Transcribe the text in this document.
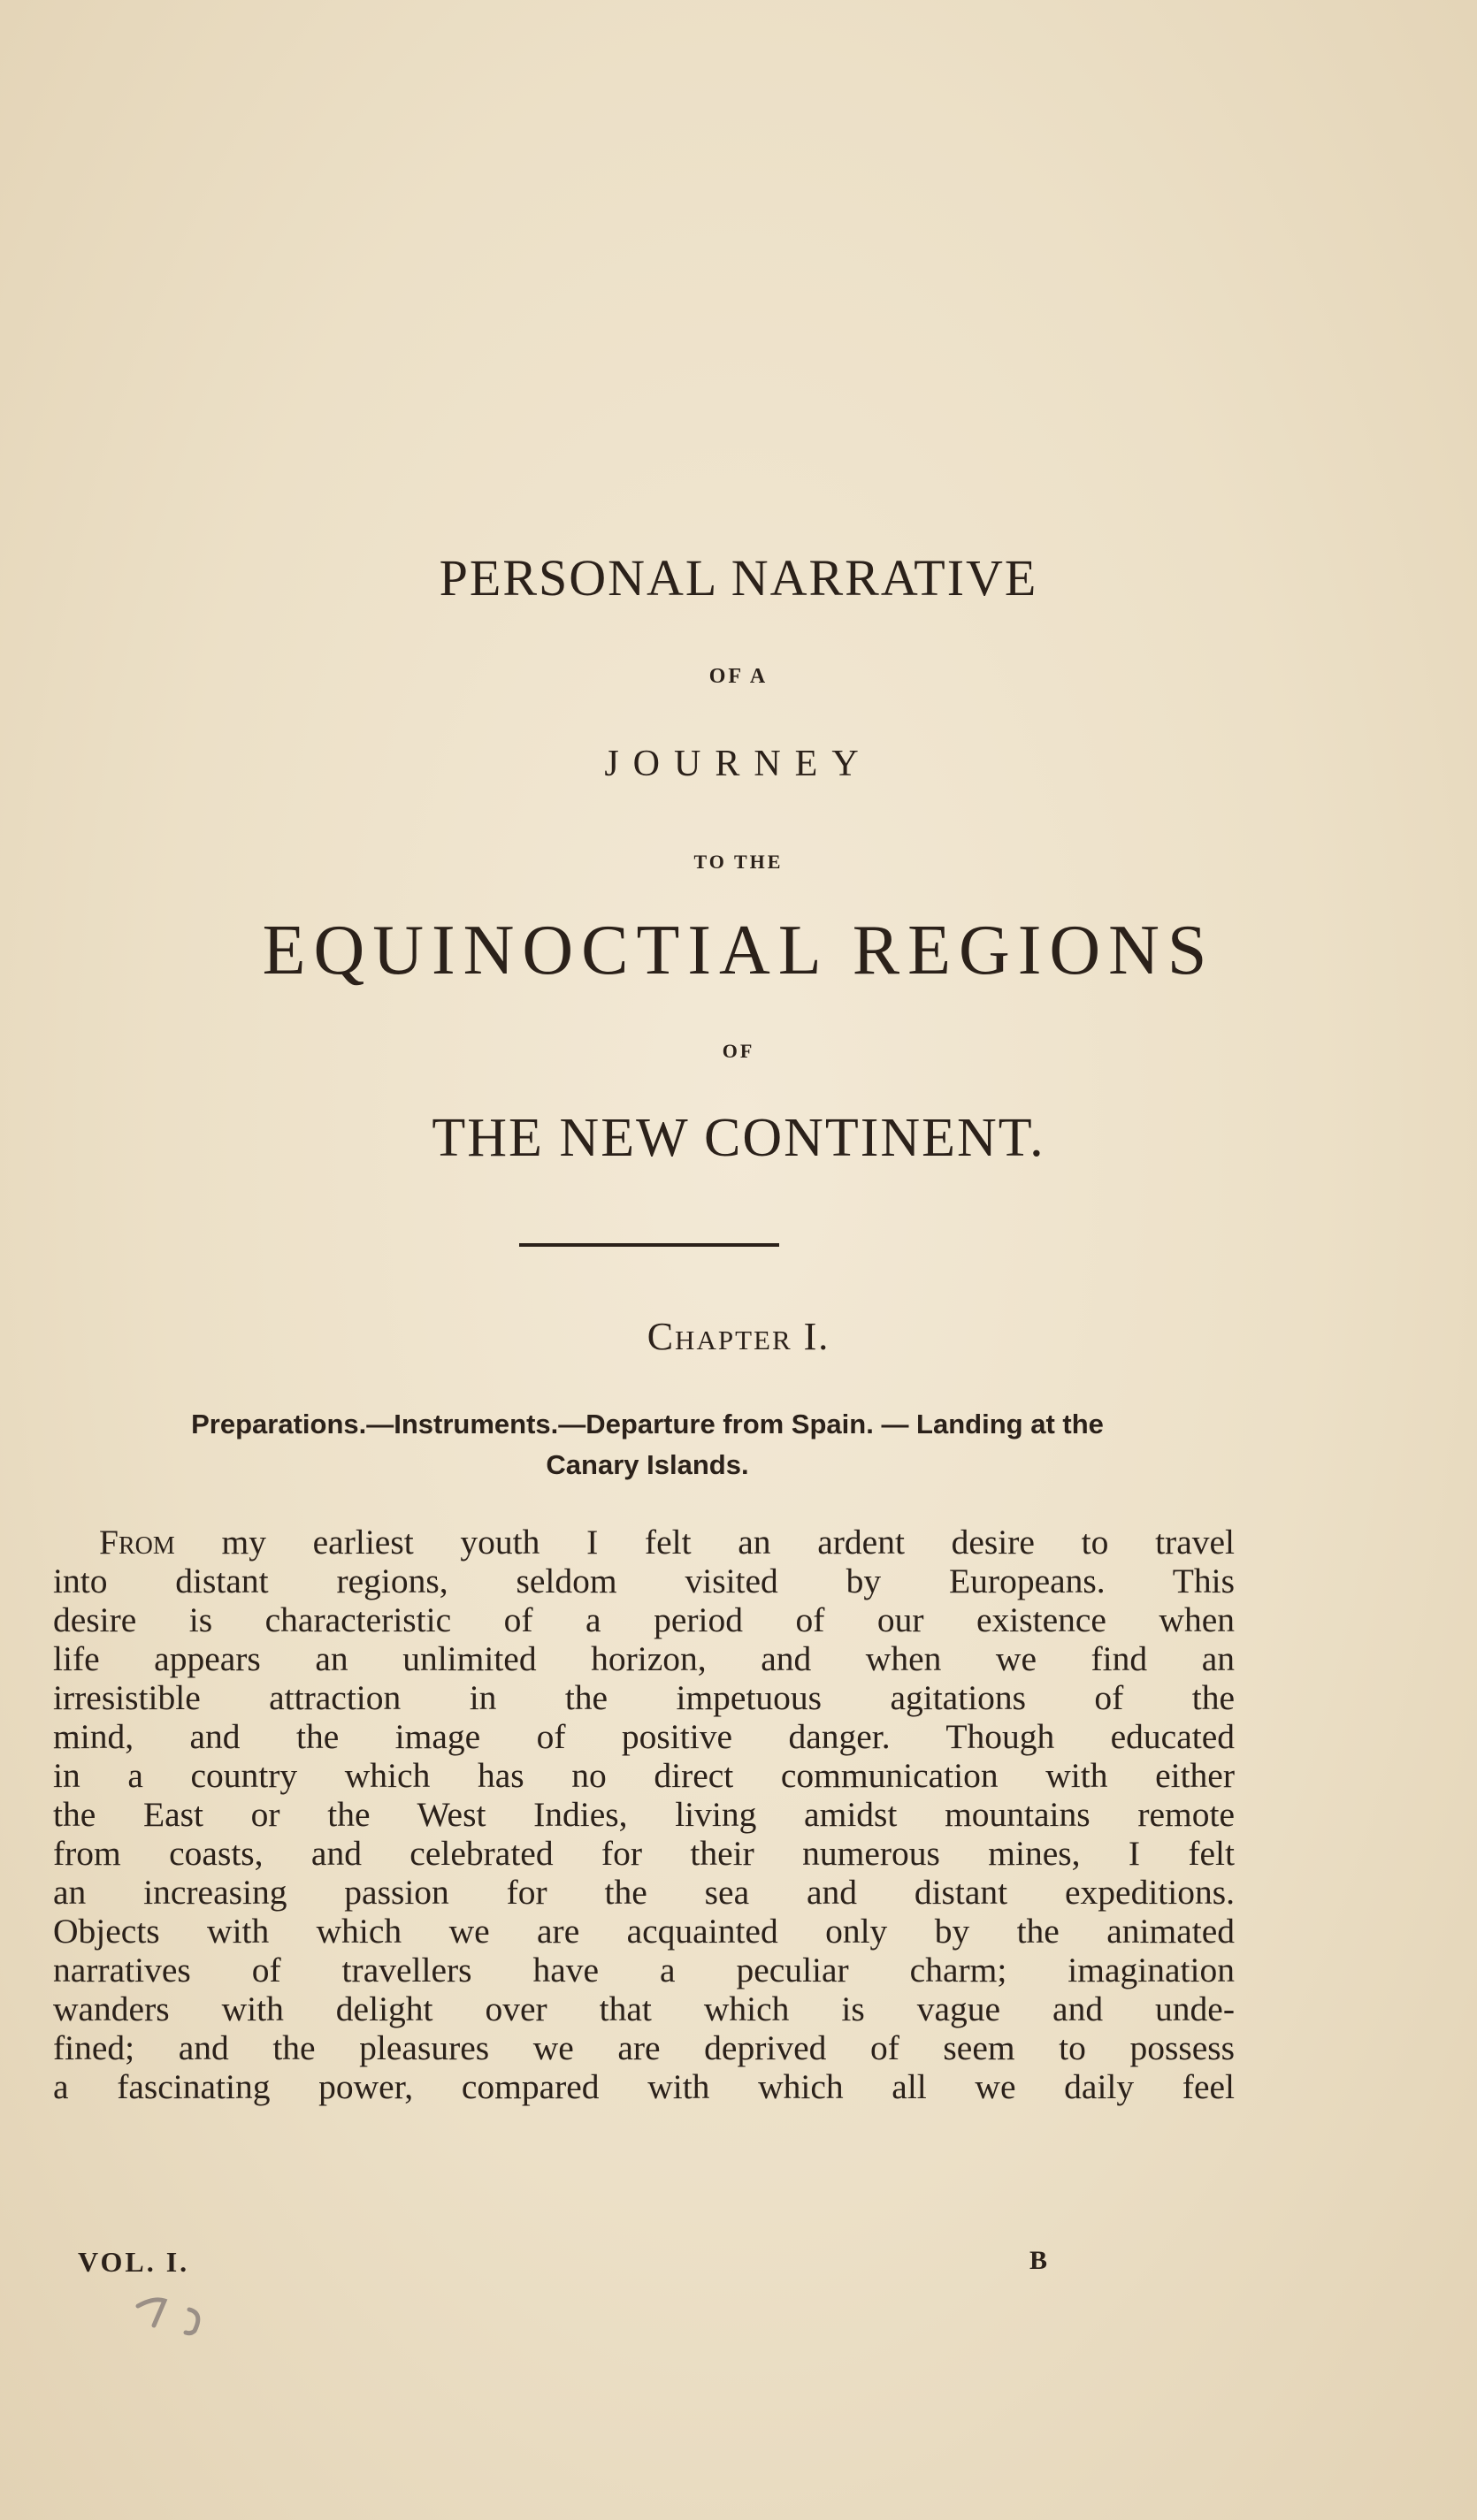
PERSONAL NARRATIVE
OF A
JOURNEY
TO THE
EQUINOCTIAL REGIONS
OF
THE NEW CONTINENT.
Chapter I.
Preparations.—Instruments.—Departure from Spain. — Landing at the
Canary Islands.
From my earliest youth I felt an ardent desire to travel
into distant regions, seldom visited by Europeans. This
desire is characteristic of a period of our existence when
life appears an unlimited horizon, and when we find an
irresistible attraction in the impetuous agitations of the
mind, and the image of positive danger. Though educated
in a country which has no direct communication with either
the East or the West Indies, living amidst mountains remote
from coasts, and celebrated for their numerous mines, I felt
an increasing passion for the sea and distant expeditions.
Objects with which we are acquainted only by the animated
narratives of travellers have a peculiar charm; imagination
wanders with delight over that which is vague and unde-
fined; and the pleasures we are deprived of seem to possess
a fascinating power, compared with which all we daily feel
VOL. I.	B
